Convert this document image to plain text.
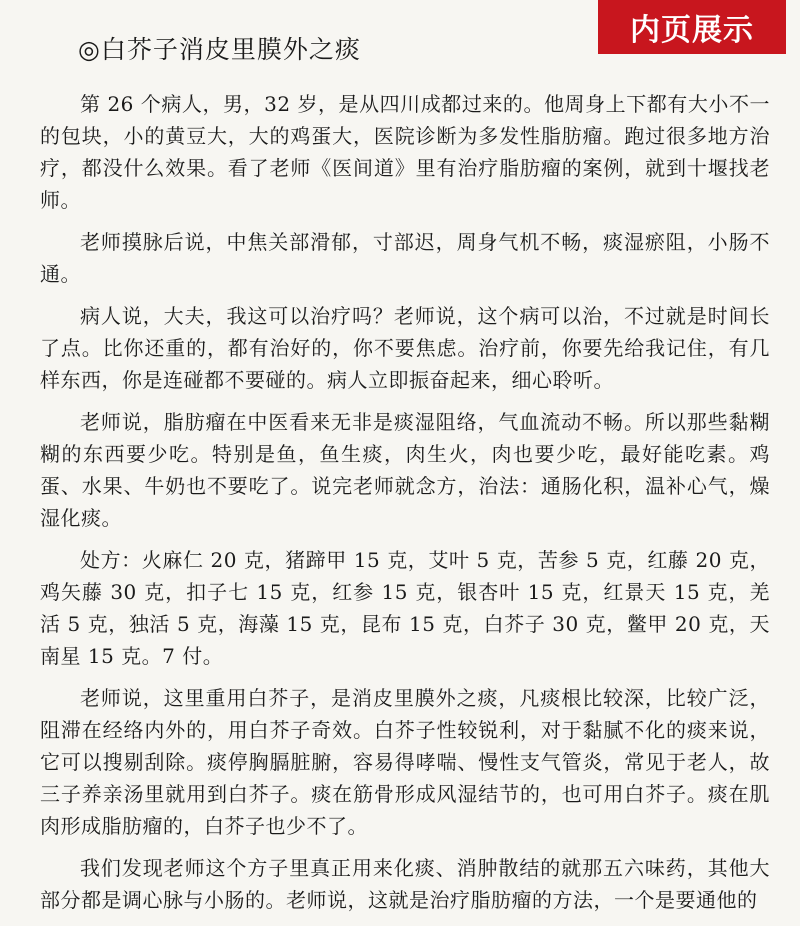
内页展示
◎白芥子消皮里膜外之痰

第 26 个病人，男，32 岁，是从四川成都过来的。他周身上下都有大小不一的包块，小的黄豆大，大的鸡蛋大，医院诊断为多发性脂肪瘤。跑过很多地方治疗，都没什么效果。看了老师《医间道》里有治疗脂肪瘤的案例，就到十堰找老师。

老师摸脉后说，中焦关部滑郁，寸部迟，周身气机不畅，痰湿瘀阻，小肠不通。

病人说，大夫，我这可以治疗吗？老师说，这个病可以治，不过就是时间长了点。比你还重的，都有治好的，你不要焦虑。治疗前，你要先给我记住，有几样东西，你是连碰都不要碰的。病人立即振奋起来，细心聆听。

老师说，脂肪瘤在中医看来无非是痰湿阻络，气血流动不畅。所以那些黏糊糊的东西要少吃。特别是鱼，鱼生痰，肉生火，肉也要少吃，最好能吃素。鸡蛋、水果、牛奶也不要吃了。说完老师就念方，治法：通肠化积，温补心气，燥湿化痰。

处方：火麻仁 20 克，猪蹄甲 15 克，艾叶 5 克，苦参 5 克，红藤 20 克，鸡矢藤 30 克，扣子七 15 克，红参 15 克，银杏叶 15 克，红景天 15 克，羌活 5 克，独活 5 克，海藻 15 克，昆布 15 克，白芥子 30 克，鳖甲 20 克，天南星 15 克。7 付。

老师说，这里重用白芥子，是消皮里膜外之痰，凡痰根比较深，比较广泛，阻滞在经络内外的，用白芥子奇效。白芥子性较锐利，对于黏腻不化的痰来说，它可以搜剔刮除。痰停胸膈脏腑，容易得哮喘、慢性支气管炎，常见于老人，故三子养亲汤里就用到白芥子。痰在筋骨形成风湿结节的，也可用白芥子。痰在肌肉形成脂肪瘤的，白芥子也少不了。

我们发现老师这个方子里真正用来化痰、消肿散结的就那五六味药，其他大部分都是调心脉与小肠的。老师说，这就是治疗脂肪瘤的方法，一个是要通他的
